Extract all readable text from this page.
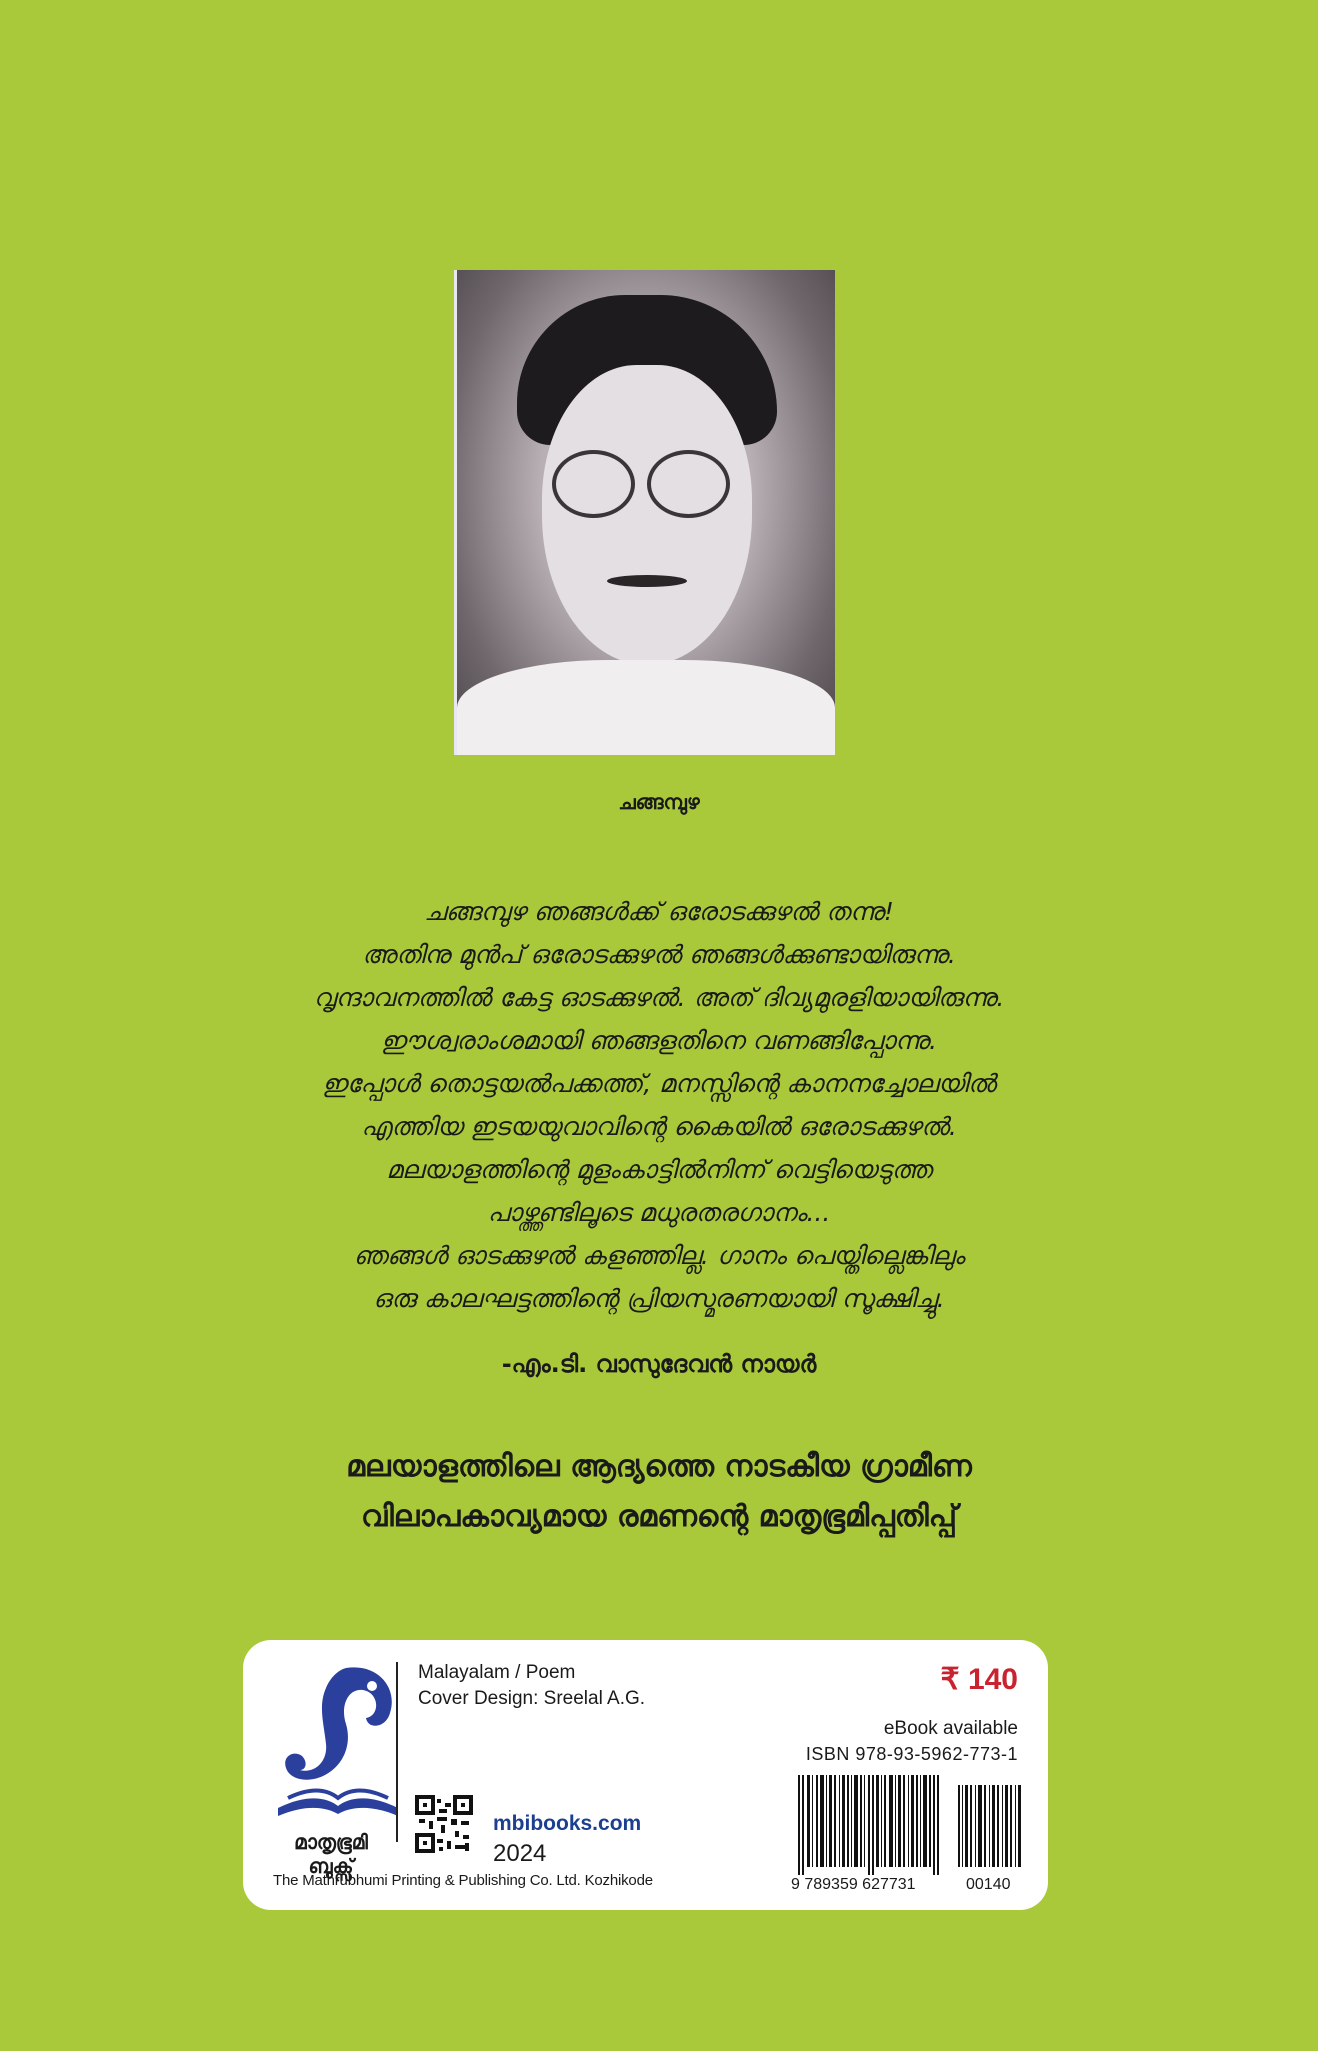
ചങ്ങമ്പുഴ
ചങ്ങമ്പുഴ ഞങ്ങൾക്ക് ഒരോടക്കുഴൽ തന്നു!
അതിനു മുൻപ് ഒരോടക്കുഴൽ ഞങ്ങൾക്കുണ്ടായിരുന്നു.
വൃന്ദാവനത്തിൽ കേട്ട ഓടക്കുഴൽ. അത് ദിവ്യമുരളിയായിരുന്നു.
ഈശ്വരാംശമായി ഞങ്ങളതിനെ വണങ്ങിപ്പോന്നു.
ഇപ്പോൾ തൊട്ടയൽപക്കത്ത്, മനസ്സിന്റെ കാനനച്ചോലയിൽ
എത്തിയ ഇടയയുവാവിന്റെ കൈയിൽ ഒരോടക്കുഴൽ.
മലയാളത്തിന്റെ മുളംകാട്ടിൽനിന്ന് വെട്ടിയെടുത്ത
പാഴ്ത്തണ്ടിലൂടെ മധുരതരഗാനം...
ഞങ്ങൾ ഓടക്കുഴൽ കളഞ്ഞില്ല. ഗാനം പെയ്തില്ലെങ്കിലും
ഒരു കാലഘട്ടത്തിന്റെ പ്രിയസ്മരണയായി സൂക്ഷിച്ചു.
-എം.ടി. വാസുദേവൻ നായർ
മലയാളത്തിലെ ആദ്യത്തെ നാടകീയ ഗ്രാമീണ
വിലാപകാവ്യമായ രമണന്റെ മാതൃഭൂമിപ്പതിപ്പ്
മാതൃഭൂമി ബുക്സ്
The Mathrubhumi Printing & Publishing Co. Ltd. Kozhikode
Malayalam / Poem
Cover Design: Sreelal A.G.
mbibooks.com
2024
₹ 140
eBook available
ISBN 978-93-5962-773-1
9 789359 627731	00140
